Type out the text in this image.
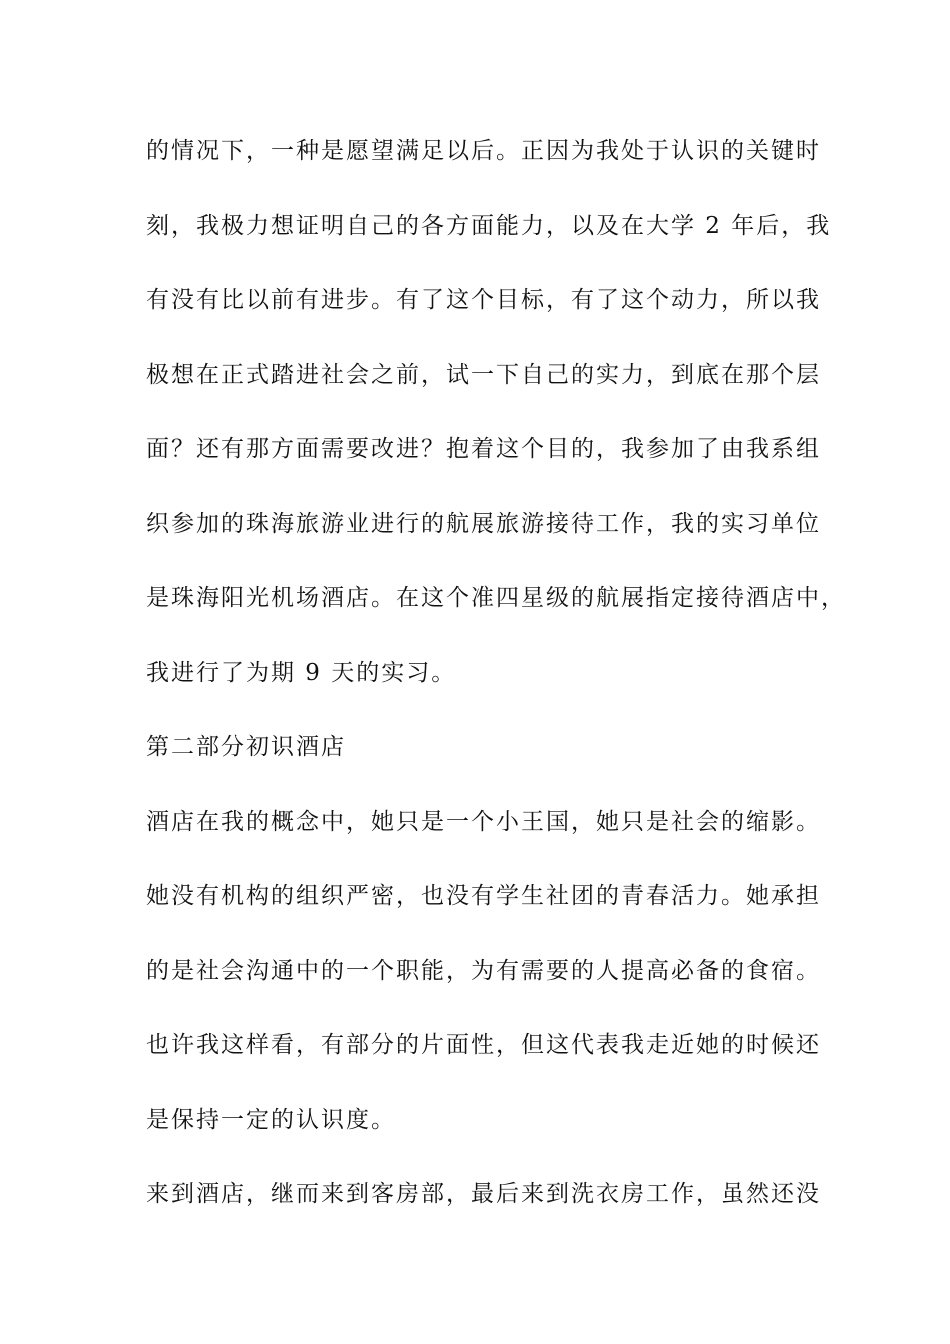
的情况下，一种是愿望满足以后。正因为我处于认识的关键时
刻，我极力想证明自己的各方面能力，以及在大学 2 年后，我
有没有比以前有进步。有了这个目标，有了这个动力，所以我
极想在正式踏进社会之前，试一下自己的实力，到底在那个层
面？还有那方面需要改进？抱着这个目的，我参加了由我系组
织参加的珠海旅游业进行的航展旅游接待工作，我的实习单位
是珠海阳光机场酒店。在这个准四星级的航展指定接待酒店中，
我进行了为期 9 天的实习。
第二部分初识酒店
酒店在我的概念中，她只是一个小王国，她只是社会的缩影。
她没有机构的组织严密，也没有学生社团的青春活力。她承担
的是社会沟通中的一个职能，为有需要的人提高必备的食宿。
也许我这样看，有部分的片面性，但这代表我走近她的时候还
是保持一定的认识度。
来到酒店，继而来到客房部，最后来到洗衣房工作，虽然还没
